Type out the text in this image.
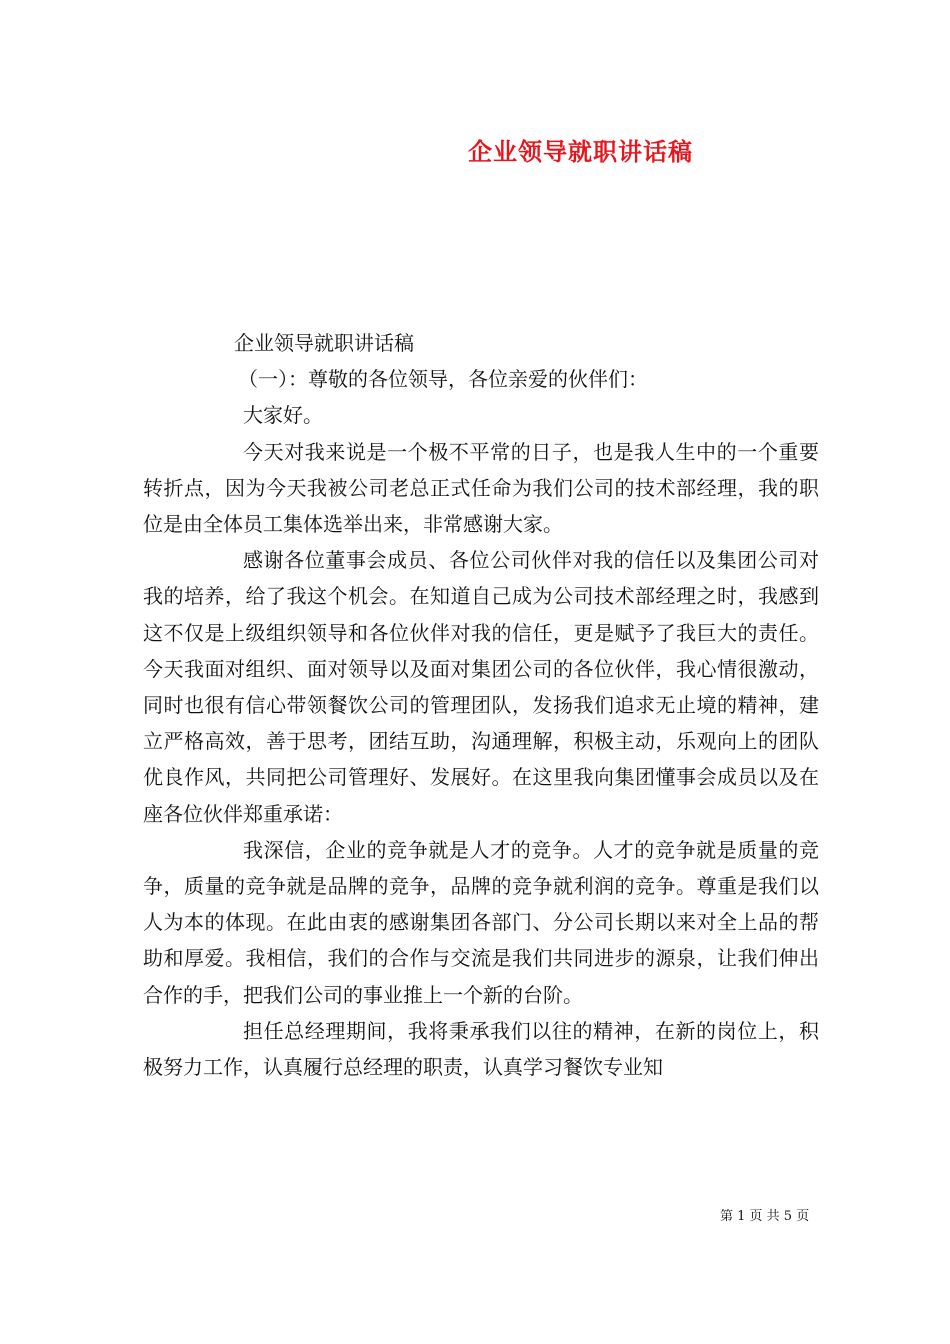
企业领导就职讲话稿

企业领导就职讲话稿

（一）：尊敬的各位领导，各位亲爱的伙伴们：

大家好。

今天对我来说是一个极不平常的日子，也是我人生中的一个重要转折点，因为今天我被公司老总正式任命为我们公司的技术部经理，我的职位是由全体员工集体选举出来，非常感谢大家。

感谢各位董事会成员、各位公司伙伴对我的信任以及集团公司对我的培养，给了我这个机会。在知道自己成为公司技术部经理之时，我感到这不仅是上级组织领导和各位伙伴对我的信任，更是赋予了我巨大的责任。今天我面对组织、面对领导以及面对集团公司的各位伙伴，我心情很激动，同时也很有信心带领餐饮公司的管理团队，发扬我们追求无止境的精神，建立严格高效，善于思考，团结互助，沟通理解，积极主动，乐观向上的团队优良作风，共同把公司管理好、发展好。在这里我向集团懂事会成员以及在座各位伙伴郑重承诺：

我深信，企业的竞争就是人才的竞争。人才的竞争就是质量的竞争，质量的竞争就是品牌的竞争，品牌的竞争就利润的竞争。尊重是我们以人为本的体现。在此由衷的感谢集团各部门、分公司长期以来对全上品的帮助和厚爱。我相信，我们的合作与交流是我们共同进步的源泉，让我们伸出合作的手，把我们公司的事业推上一个新的台阶。

担任总经理期间，我将秉承我们以往的精神，在新的岗位上，积极努力工作，认真履行总经理的职责，认真学习餐饮专业知

第 1 页 共 5 页
